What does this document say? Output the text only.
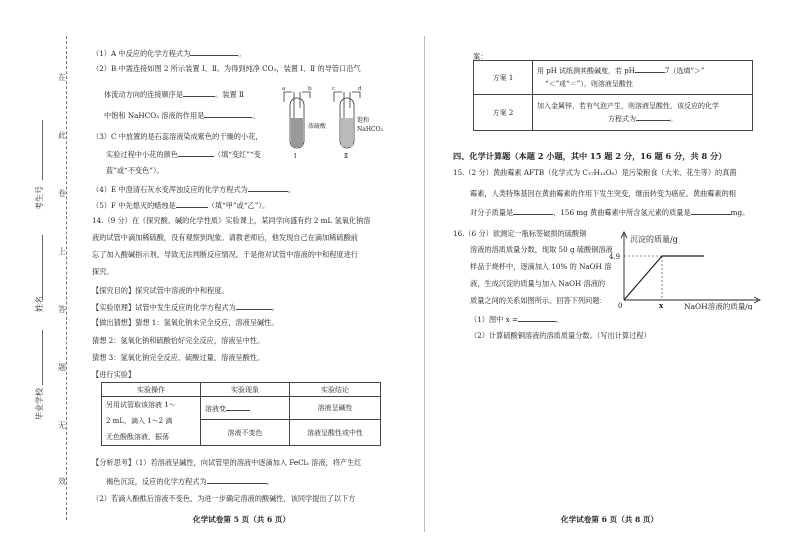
在
此
卷
上
答
题
无
效
考生号
姓名
毕业学校
（1）A 中反应的化学方程式为	。
（2）B 中需连接如图 2 所示装置 Ⅰ、Ⅱ。为得到纯净 CO₂，装置 Ⅰ、Ⅱ 的导管口沿气
体流动方向的连接顺序是	。装置 Ⅱ
中饱和 NaHCO₃ 溶液的作用是	。
a	b	c	d
浓硫酸
饱和
NaHCO₃
Ⅰ	Ⅱ
（3）C 中放置的是石蕊溶液染成紫色的干燥的小花，
实验过程中小花的颜色	（填“变红”“变
蓝”或“不变色”）。
（4）E 中澄清石灰水变浑浊反应的化学方程式为	。
（5）F 中先熄灭的蜡烛是	（填“甲”或“乙”）。
14.（9 分）在《探究酸、碱的化学性质》实验课上，某同学向盛有约 2 mL 氢氧化钠溶
液的试管中滴加稀硫酸，没有观察到现象。请教老师后，他发现自己在滴加稀硫酸前
忘了加入酸碱指示剂，导致无法判断反应情况。于是他对试管中溶液的中和程度进行
探究。
【探究目的】探究试管中溶液的中和程度。
【实验原理】试管中发生反应的化学方程式为	。
【做出猜想】猜想 1：氢氧化钠未完全反应，溶液呈碱性。
猜想 2：氢氧化钠和硫酸恰好完全反应，溶液呈中性。
猜想 3：氢氧化钠完全反应、硫酸过量，溶液呈酸性。
【进行实验】
实验操作	实验现象	实验结论

另用试管取该溶液 1～
2 mL，滴入 1～2 滴
无色酚酞溶液，振荡	溶液变	溶液呈碱性
	溶液不变色	溶液呈酸性或中性
【分析思考】（1）若溶液呈碱性，向试管里的溶液中逐滴加入 FeCl₃ 溶液，将产生红
褐色沉淀，反应的化学方程式为	。
（2）若滴入酚酞后溶液不变色，为进一步确定溶液的酸碱性，该同学提出了以下方
化学试卷第 5 页（共 6 页）
案：
方案 1	用 pH 试纸测其酸碱度，若 pH 7（选填“＞”
“＜”或“＝”），则溶液呈酸性

方案 2	加入金属锌，若有气泡产生，则溶液呈酸性，该反应的化学
方程式为 。
四、化学计算题（本题 2 小题，其中 15 题 2 分，16 题 6 分，共 8 分）
15.（2 分）黄曲霉素 AFTB（化学式为 C₁₇H₁₂O₆）是污染粮食（大米、花生等）的真菌
霉素，人类特殊基因在黄曲霉素的作用下发生突变，继而转变为癌症。黄曲霉素的相
对分子质量是	，156 mg 黄曲霉素中所含氢元素的质量是	mg。
16.（6 分）欲测定一瓶标签破损的硫酸铜
溶液的溶质质量分数，现取 50 g 硫酸铜溶液
样品于烧杯中，逐滴加入 10% 的 NaOH 溶
液，生成沉淀的质量与加入 NaOH 溶液的
质量之间的关系如图所示。回答下列问题：
（1）图中 x =	。
（2）计算硫酸铜溶液的溶质质量分数。（写出计算过程）
沉淀的质量/g
4.9
0	x	NaOH溶液的质量/g
化学试卷第 6 页（共 8 页）
